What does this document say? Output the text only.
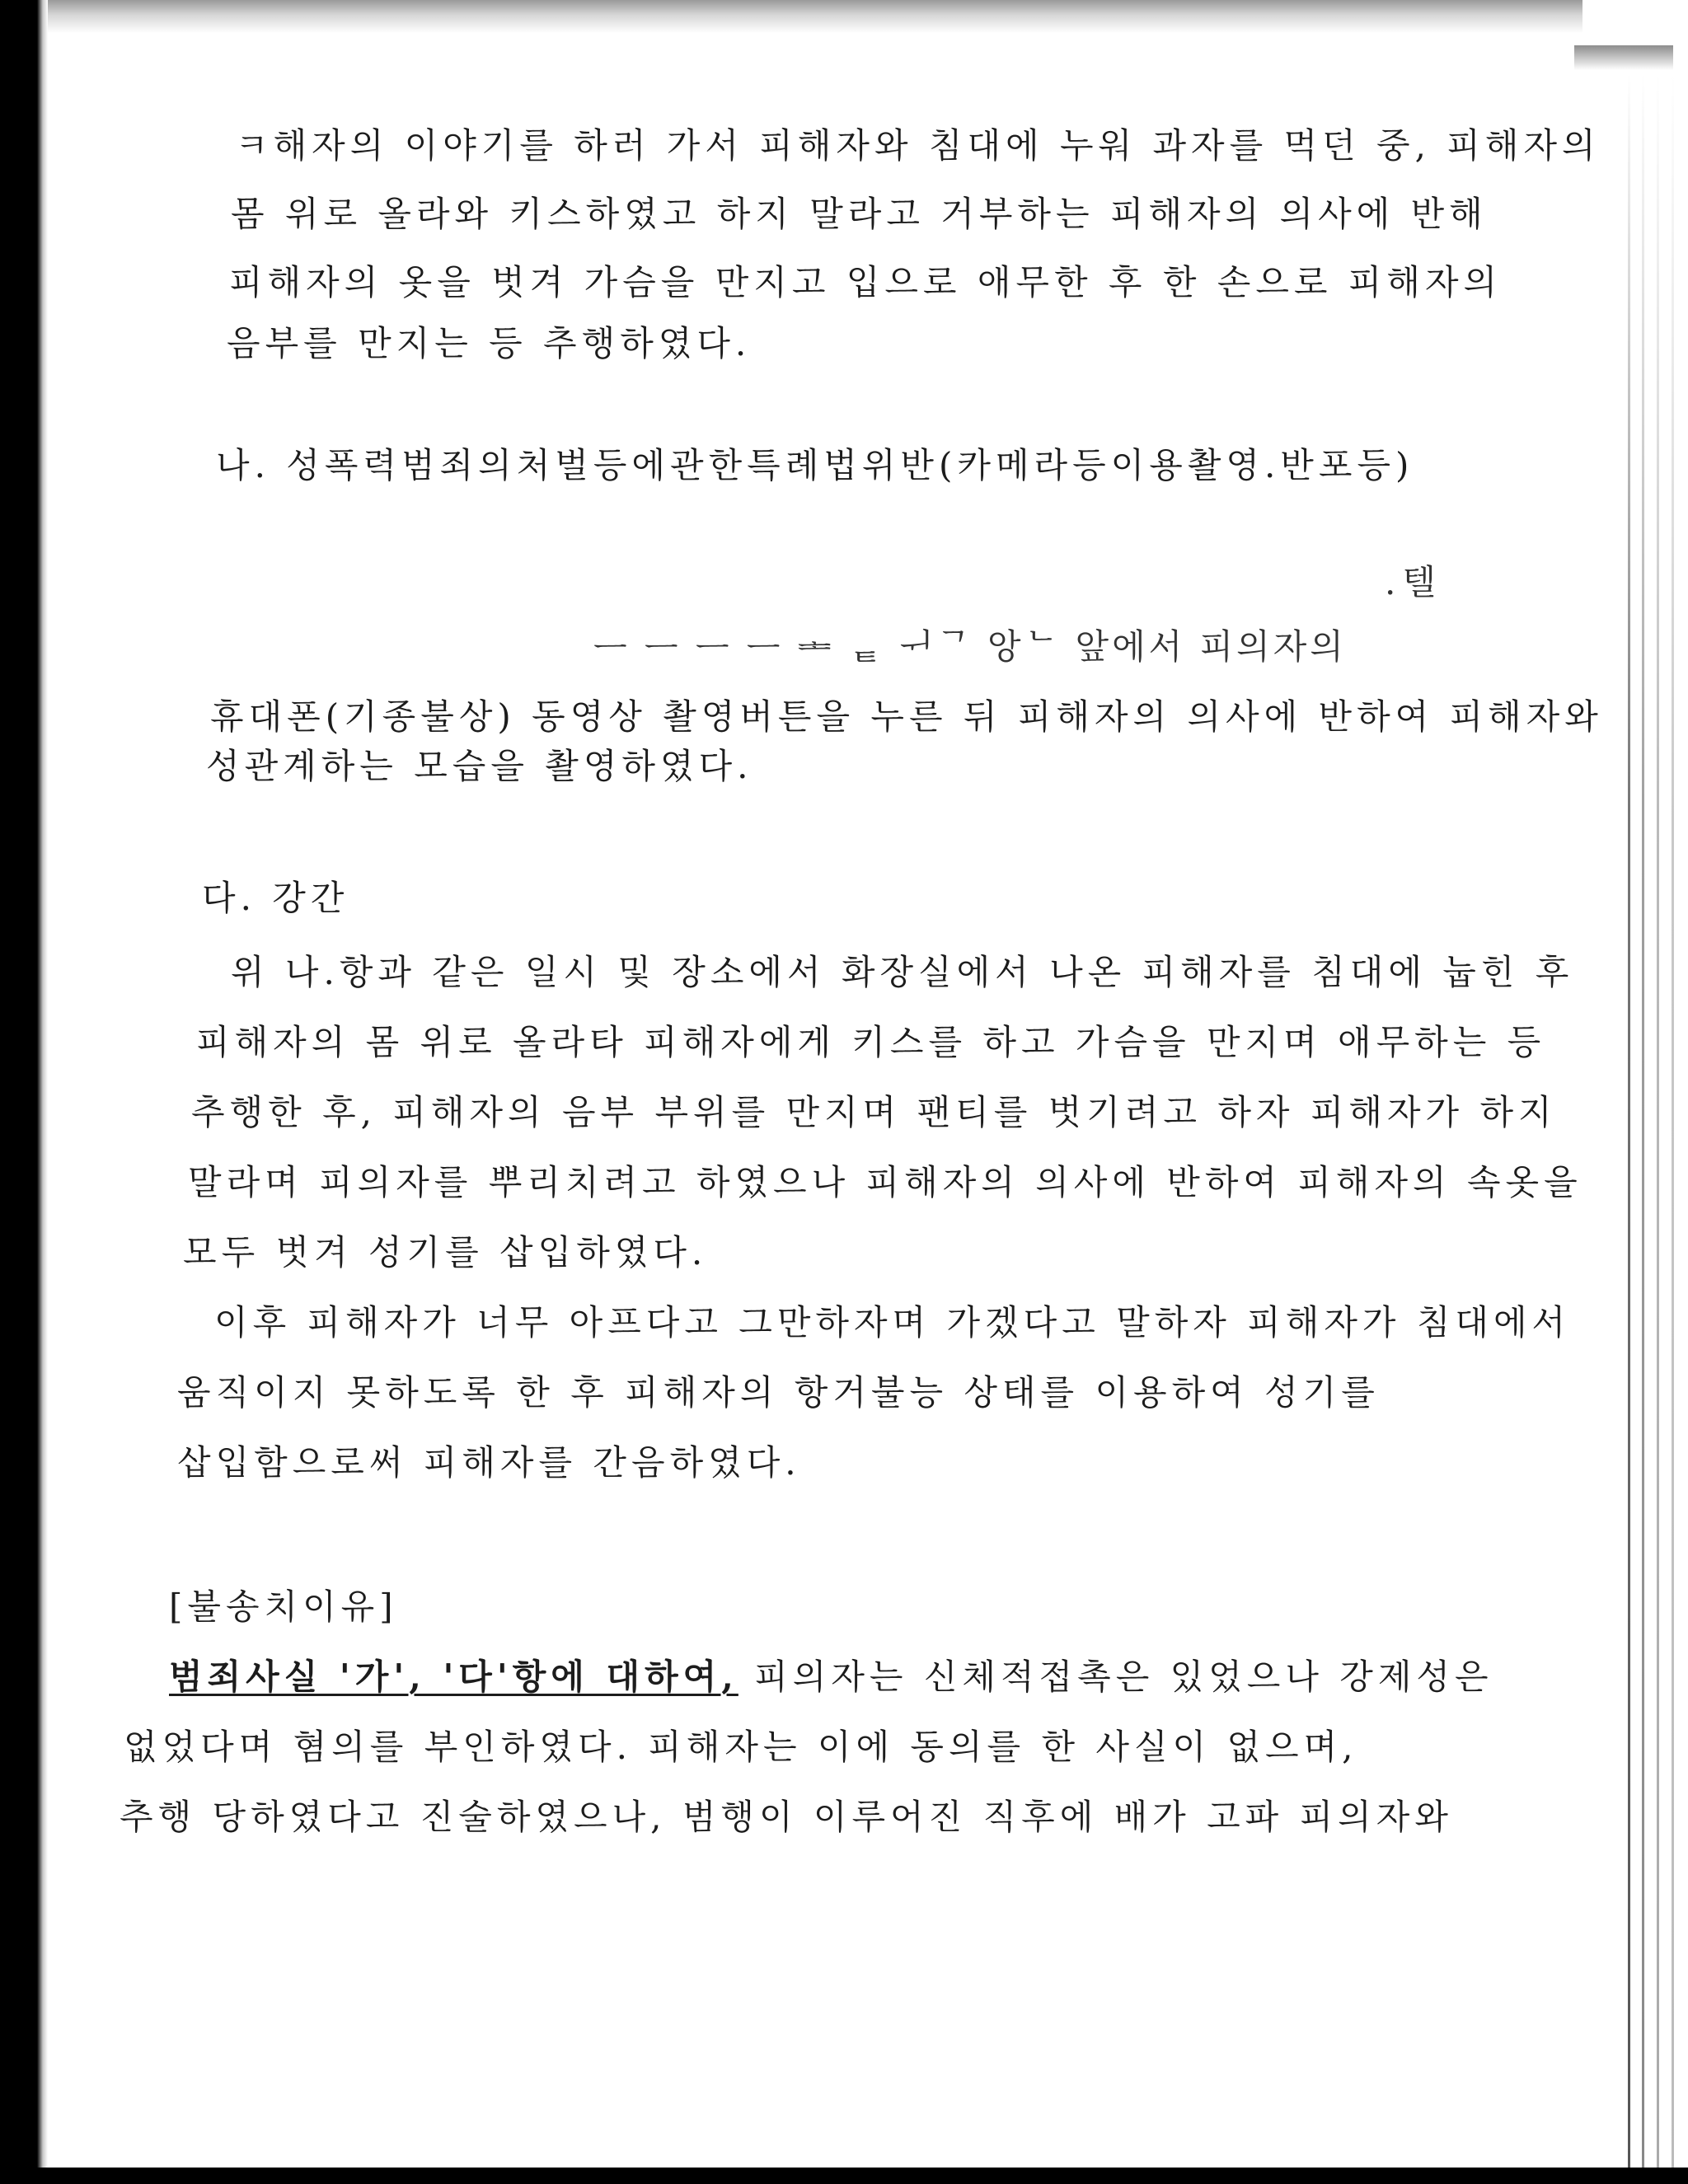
ㅋ해자의 이야기를 하러 가서 피해자와 침대에 누워 과자를 먹던 중, 피해자의
몸 위로 올라와 키스하였고 하지 말라고 거부하는 피해자의 의사에 반해
피해자의 옷을 벗겨 가슴을 만지고 입으로 애무한 후 한 손으로 피해자의
음부를 만지는 등 추행하였다.
나. 성폭력범죄의처벌등에관한특례법위반(카메라등이용촬영.반포등)
.텔
ᅳ ᅳ ᅳ ᅳ ᆂ ᇀ ᅱᄀ 앙ᄂ 앞에서 피의자의
휴대폰(기종불상) 동영상 촬영버튼을 누른 뒤 피해자의 의사에 반하여 피해자와
성관계하는 모습을 촬영하였다.
다. 강간
위 나.항과 같은 일시 및 장소에서 화장실에서 나온 피해자를 침대에 눕힌 후
피해자의 몸 위로 올라타 피해자에게 키스를 하고 가슴을 만지며 애무하는 등
추행한 후, 피해자의 음부 부위를 만지며 팬티를 벗기려고 하자 피해자가 하지
말라며 피의자를 뿌리치려고 하였으나 피해자의 의사에 반하여 피해자의 속옷을
모두 벗겨 성기를 삽입하였다.
이후 피해자가 너무 아프다고 그만하자며 가겠다고 말하자 피해자가 침대에서
움직이지 못하도록 한 후 피해자의 항거불능 상태를 이용하여 성기를
삽입함으로써 피해자를 간음하였다.
[불송치이유]
범죄사실 '가', '다'항에 대하여, 피의자는 신체적접촉은 있었으나 강제성은
없었다며 혐의를 부인하였다. 피해자는 이에 동의를 한 사실이 없으며,
추행 당하였다고 진술하였으나, 범행이 이루어진 직후에 배가 고파 피의자와
